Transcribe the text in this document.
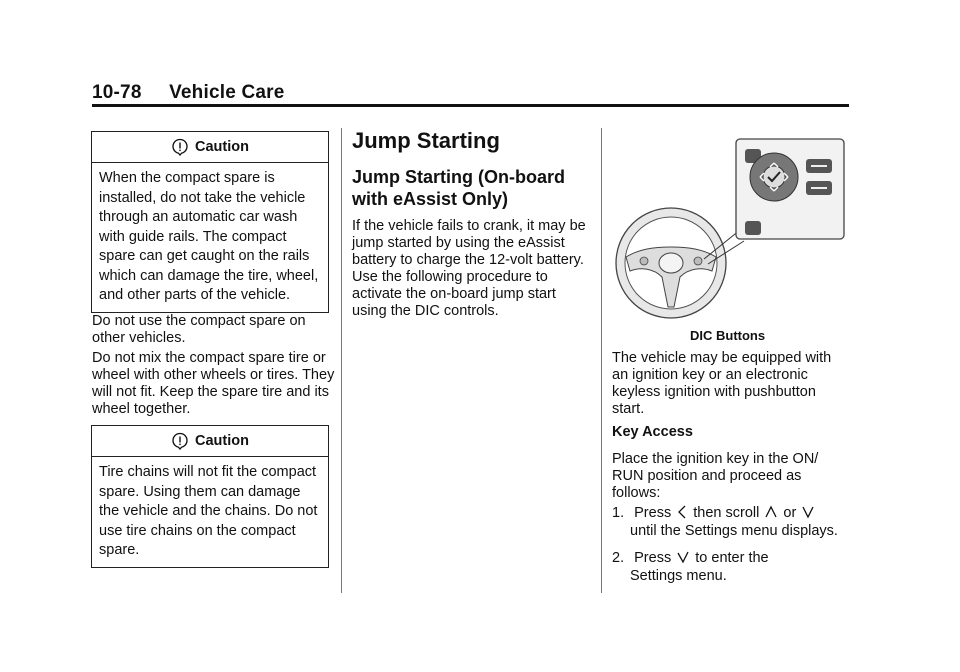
10-78 Vehicle Care
Caution
When the compact spare is installed, do not take the vehicle through an automatic car wash with guide rails. The compact spare can get caught on the rails which can damage the tire, wheel, and other parts of the vehicle.
Do not use the compact spare on other vehicles.
Do not mix the compact spare tire or wheel with other wheels or tires. They will not fit. Keep the spare tire and its wheel together.
Caution
Tire chains will not fit the compact spare. Using them can damage the vehicle and the chains. Do not use tire chains on the compact spare.
Jump Starting
Jump Starting (On-board with eAssist Only)
If the vehicle fails to crank, it may be jump started by using the eAssist battery to charge the 12-volt battery. Use the following procedure to activate the on-board jump start using the DIC controls.
DIC Buttons
The vehicle may be equipped with an ignition key or an electronic keyless ignition with pushbutton start.
Key Access
Place the ignition key in the ON/ RUN position and proceed as follows:
1. Press then scroll or
until the Settings menu displays.
2. Press to enter the
Settings menu.
